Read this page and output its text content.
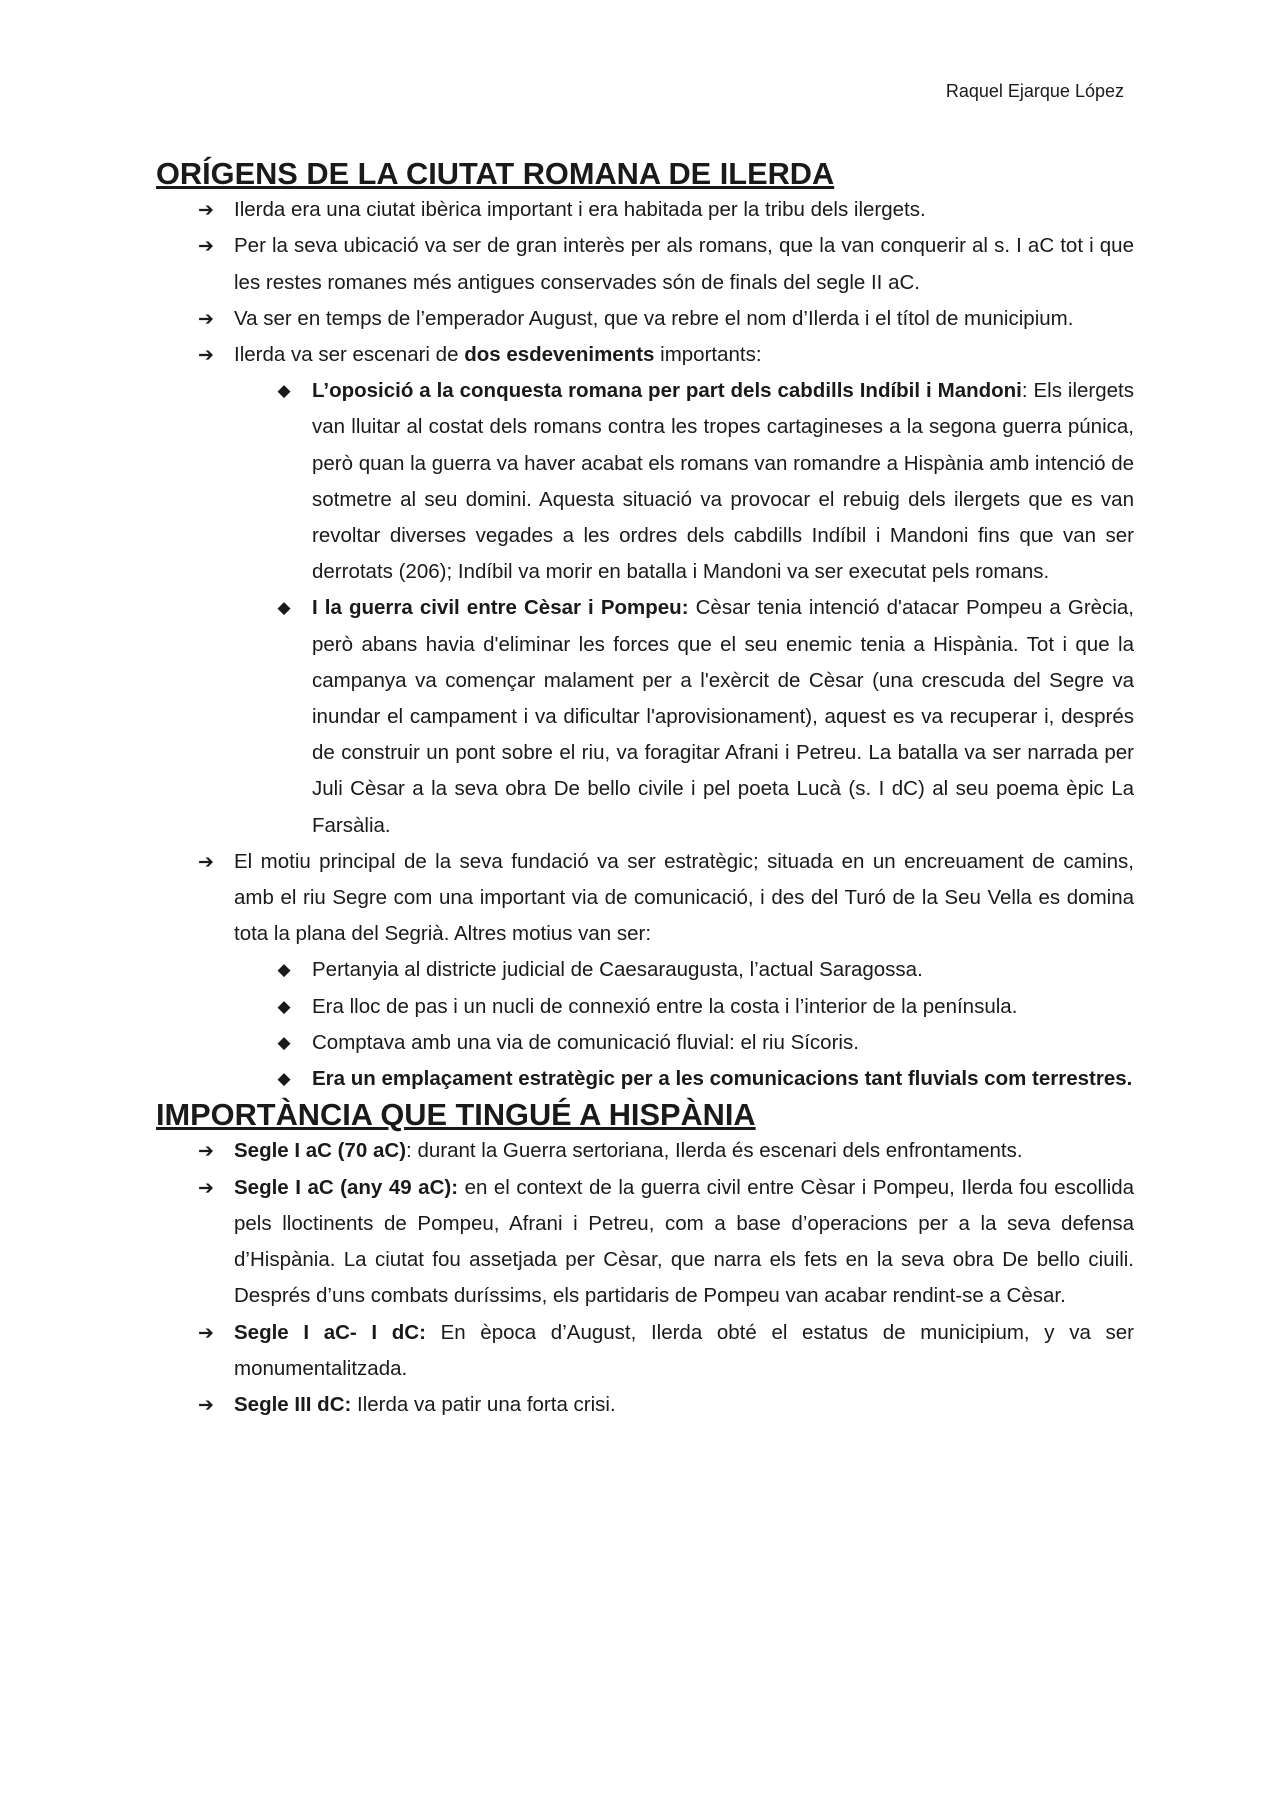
Raquel Ejarque López
ORÍGENS DE LA CIUTAT ROMANA DE ILERDA
➔ Ilerda era una ciutat ibèrica important i era habitada per la tribu dels ilergets.
➔ Per la seva ubicació va ser de gran interès per als romans, que la van conquerir al s. I aC tot i que les restes romanes més antigues conservades són de finals del segle II aC.
➔ Va ser en temps de l’emperador August, que va rebre el nom d’Ilerda i el títol de municipium.
➔ Ilerda va ser escenari de dos esdeveniments importants:
◆ L’oposició a la conquesta romana per part dels cabdills Indíbil i Mandoni: Els ilergets van lluitar al costat dels romans contra les tropes cartagineses a la segona guerra púnica, però quan la guerra va haver acabat els romans van romandre a Hispània amb intenció de sotmetre al seu domini. Aquesta situació va provocar el rebuig dels ilergets que es van revoltar diverses vegades a les ordres dels cabdills Indíbil i Mandoni fins que van ser derrotats (206); Indíbil va morir en batalla i Mandoni va ser executat pels romans.
◆ I la guerra civil entre Cèsar i Pompeu: Cèsar tenia intenció d'atacar Pompeu a Grècia, però abans havia d'eliminar les forces que el seu enemic tenia a Hispània. Tot i que la campanya va començar malament per a l'exèrcit de Cèsar (una crescuda del Segre va inundar el campament i va dificultar l'aprovisionament), aquest es va recuperar i, després de construir un pont sobre el riu, va foragitar Afrani i Petreu. La batalla va ser narrada per Juli Cèsar a la seva obra De bello civile i pel poeta Lucà (s. I dC) al seu poema èpic La Farsàlia.
➔ El motiu principal de la seva fundació va ser estratègic; situada en un encreuament de camins, amb el riu Segre com una important via de comunicació, i des del Turó de la Seu Vella es domina tota la plana del Segrià. Altres motius van ser:
◆ Pertanyia al districte judicial de Caesaraugusta, l’actual Saragossa.
◆ Era lloc de pas i un nucli de connexió entre la costa i l’interior de la península.
◆ Comptava amb una via de comunicació fluvial: el riu Sícoris.
◆ Era un emplaçament estratègic per a les comunicacions tant fluvials com terrestres.
IMPORTÀNCIA QUE TINGUÉ A HISPÀNIA
➔ Segle I aC (70 aC): durant la Guerra sertoriana, Ilerda és escenari dels enfrontaments.
➔ Segle I aC (any 49 aC): en el context de la guerra civil entre Cèsar i Pompeu, Ilerda fou escollida pels lloctinents de Pompeu, Afrani i Petreu, com a base d’operacions per a la seva defensa d’Hispània. La ciutat fou assetjada per Cèsar, que narra els fets en la seva obra De bello ciuili. Després d’uns combats duríssims, els partidaris de Pompeu van acabar rendint-se a Cèsar.
➔ Segle I aC- I dC: En època d’August, Ilerda obté el estatus de municipium, y va ser monumentalitzada.
➔ Segle III dC: Ilerda va patir una forta crisi.
